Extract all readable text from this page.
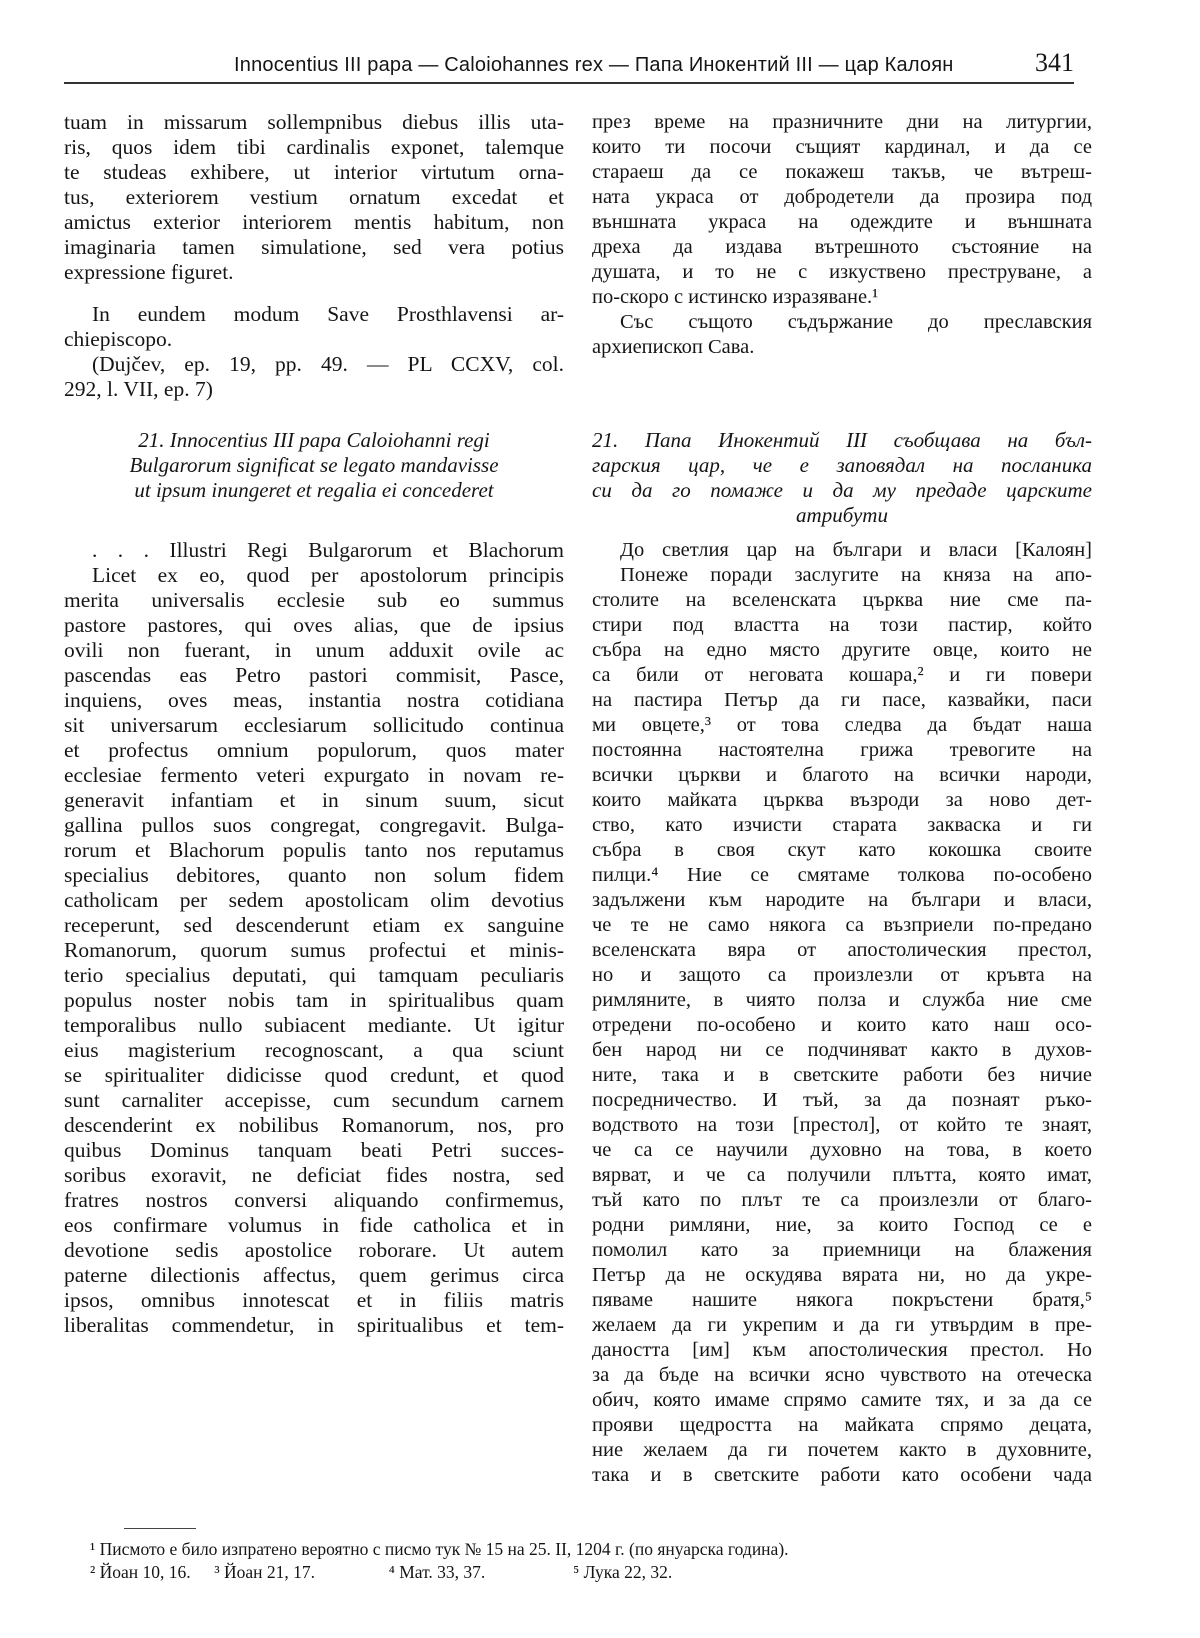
Innocentius III papa — Caloiohannes rex — Папа Инокентий III — цар Калоян	341
tuam in missarum sollempnibus diebus illis uta-
ris, quos idem tibi cardinalis exponet, talemque
te studeas exhibere, ut interior virtutum orna-
tus, exteriorem vestium ornatum excedat et
amictus exterior interiorem mentis habitum, non
imaginaria tamen simulatione, sed vera potius
expressione figuret.
In eundem modum Save Prosthlavensi ar-
chiepiscopo.
(Dujčev, ep. 19, pp. 49. — PL CCXV, col.
292, l. VII, ep. 7)
21. Innocentius III papa Caloiohanni regi
Bulgarorum significat se legato mandavisse
ut ipsum inungeret et regalia ei concederet
. . . Illustri Regi Bulgarorum et Blachorum
Licet ex eo, quod per apostolorum principis
merita universalis ecclesie sub eo summus
pastore pastores, qui oves alias, que de ipsius
ovili non fuerant, in unum adduxit ovile ac
pascendas eas Petro pastori commisit, Pasce,
inquiens, oves meas, instantia nostra cotidiana
sit universarum ecclesiarum sollicitudo continua
et profectus omnium populorum, quos mater
ecclesiae fermento veteri expurgato in novam re-
generavit infantiam et in sinum suum, sicut
gallina pullos suos congregat, congregavit. Bulga-
rorum et Blachorum populis tanto nos reputamus
specialius debitores, quanto non solum fidem
catholicam per sedem apostolicam olim devotius
receperunt, sed descenderunt etiam ex sanguine
Romanorum, quorum sumus profectui et minis-
terio specialius deputati, qui tamquam peculiaris
populus noster nobis tam in spiritualibus quam
temporalibus nullo subiacent mediante. Ut igitur
eius magisterium recognoscant, a qua sciunt
se spiritualiter didicisse quod credunt, et quod
sunt carnaliter accepisse, cum secundum carnem
descenderint ex nobilibus Romanorum, nos, pro
quibus Dominus tanquam beati Petri succes-
soribus exoravit, ne deficiat fides nostra, sed
fratres nostros conversi aliquando confirmemus,
eos confirmare volumus in fide catholica et in
devotione sedis apostolice roborare. Ut autem
paterne dilectionis affectus, quem gerimus circa
ipsos, omnibus innotescat et in filiis matris
liberalitas commendetur, in spiritualibus et tem-
през време на празничните дни на литургии,
които ти посочи същият кардинал, и да се
стараеш да се покажеш такъв, че вътреш-
ната украса от добродетели да прозира под
външната украса на одеждите и външната
дреха да издава вътрешното състояние на
душата, и то не с изкуствено преструване, а
по-скоро с истинско изразяване.¹
Със същото съдържание до преславския
архиепископ Сава.
21. Папа Инокентий III съобщава на бъл-
гарския цар, че е заповядал на посланика
си да го помаже и да му предаде царските
атрибути
До светлия цар на българи и власи [Калоян]
Понеже поради заслугите на княза на апо-
столите на вселенската църква ние сме па-
стири под властта на този пастир, който
събра на едно място другите овце, които не
са били от неговата кошара,² и ги повери
на пастира Петър да ги пасе, казвайки, паси
ми овцете,³ от това следва да бъдат наша
постоянна настоятелна грижа тревогите на
всички църкви и благото на всички народи,
които майката църква възроди за ново дет-
ство, като изчисти старата закваска и ги
събра в своя скут като кокошка своите
пилци.⁴ Ние се смятаме толкова по-особено
задължени към народите на българи и власи,
че те не само някога са възприели по-предано
вселенската вяра от апостолическия престол,
но и защото са произлезли от кръвта на
римляните, в чиято полза и служба ние сме
отредени по-особено и които като наш осо-
бен народ ни се подчиняват както в духов-
ните, така и в светските работи без ничие
посредничество. И тъй, за да познаят ръко-
водството на този [престол], от който те знаят,
че са се научили духовно на това, в което
вярват, и че са получили плътта, която имат,
тъй като по плът те са произлезли от благо-
родни римляни, ние, за които Господ се е
помолил като за приемници на блажения
Петър да не оскудява вярата ни, но да укре-
пяваме нашите някога покръстени братя,⁵
желаем да ги укрепим и да ги утвърдим в пре-
даността [им] към апостолическия престол. Но
за да бъде на всички ясно чувството на отеческа
обич, която имаме спрямо самите тях, и за да се
прояви щедростта на майката спрямо децата,
ние желаем да ги почетем както в духовните,
така и в светските работи като особени чада
¹ Писмото е било изпратено вероятно с писмо тук № 15 на 25. II, 1204 г. (по януарска година).
² Йоан 10, 16. ³ Йоан 21, 17.	⁴ Мат. 33, 37.	⁵ Лука 22, 32.
